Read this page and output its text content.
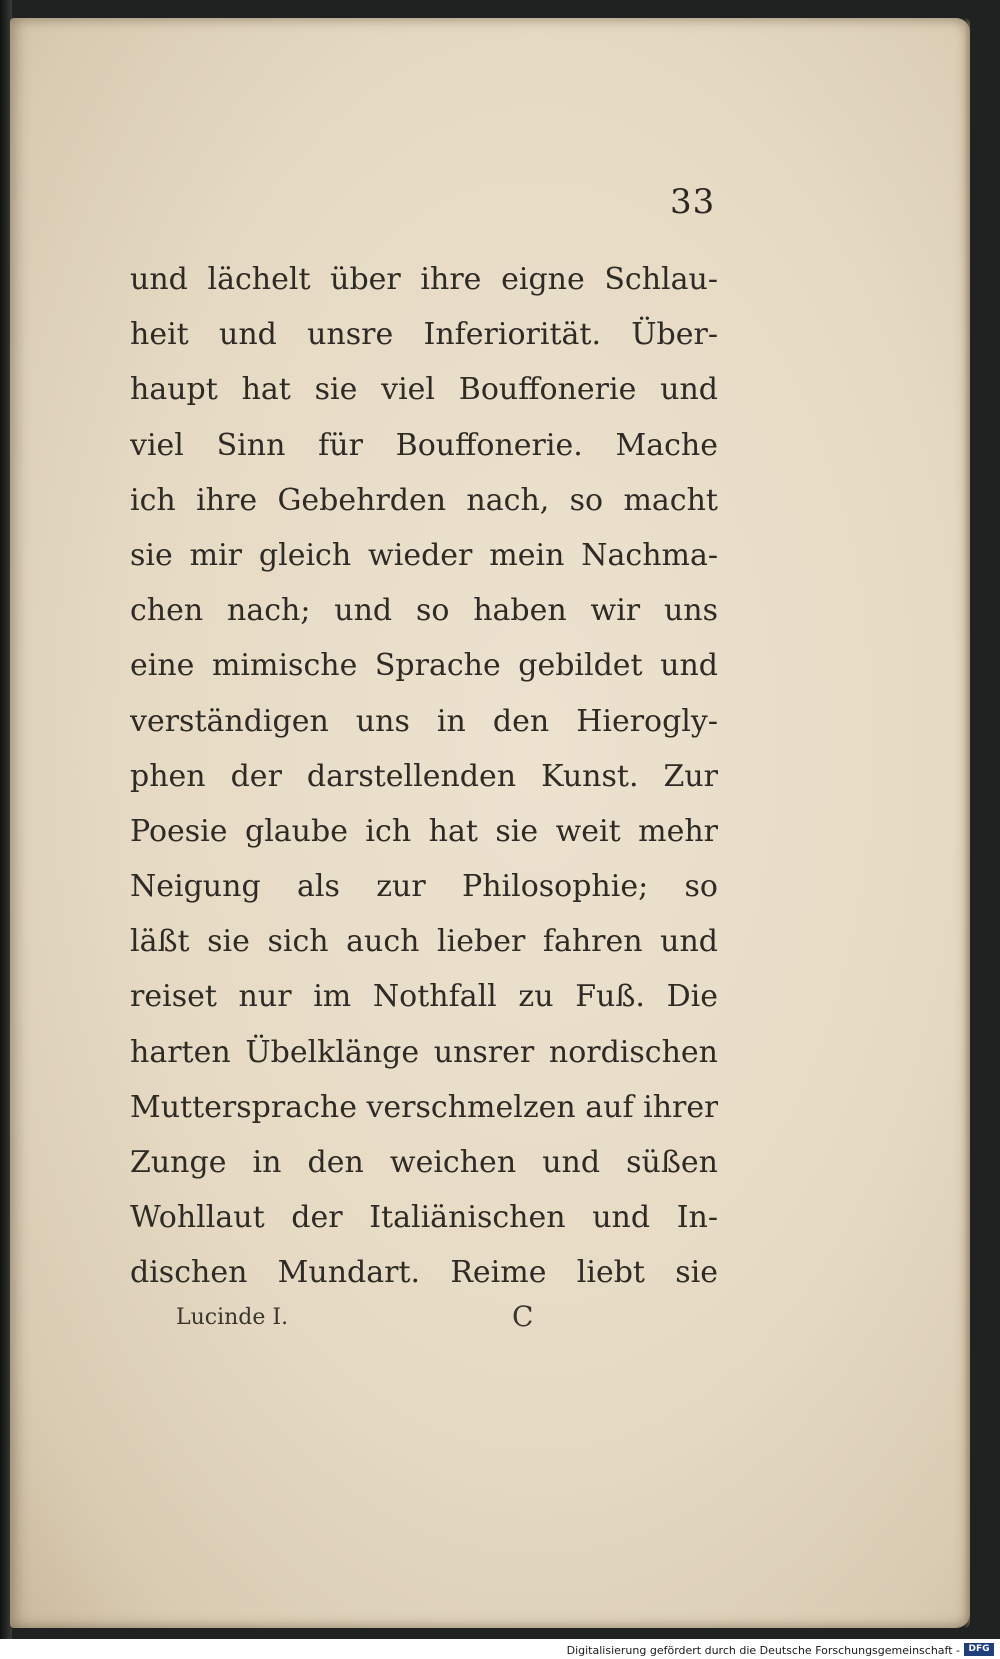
33
und lächelt über ihre eigne Schlau-
heit und unsre Inferiorität. Über-
haupt hat sie viel Bouffonerie und
viel Sinn für Bouffonerie. Mache
ich ihre Gebehrden nach, so macht
sie mir gleich wieder mein Nachma-
chen nach; und so haben wir uns
eine mimische Sprache gebildet und
verständigen uns in den Hierogly-
phen der darstellenden Kunst. Zur
Poesie glaube ich hat sie weit mehr
Neigung als zur Philosophie; so
läßt sie sich auch lieber fahren und
reiset nur im Nothfall zu Fuß. Die
harten Übelklänge unsrer nordischen
Muttersprache verschmelzen auf ihrer
Zunge in den weichen und süßen
Wohllaut der Italiänischen und In-
dischen Mundart. Reime liebt sie
Lucinde I.	C
Digitalisierung gefördert durch die Deutsche Forschungsgemeinschaft - DFG
